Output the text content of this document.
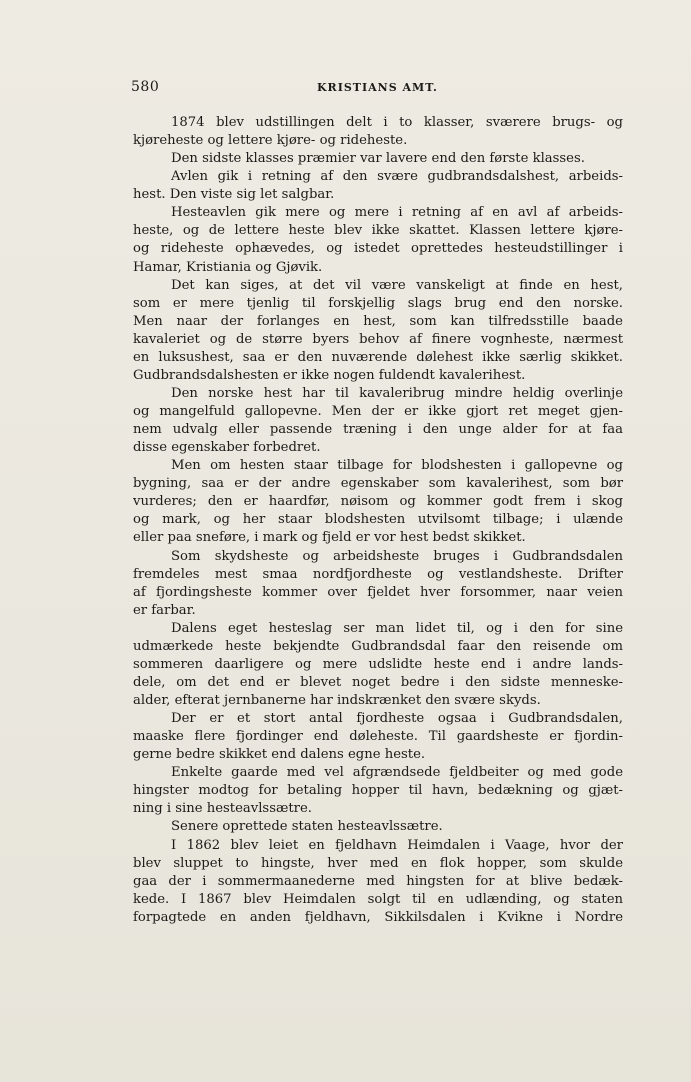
580	KRISTIANS AMT.
1874 blev udstillingen delt i to klasser, sværere brugs- og
kjøreheste og lettere kjøre- og rideheste.
Den sidste klasses præmier var lavere end den første klasses.
Avlen gik i retning af den svære gudbrandsdalshest, arbeids-
hest. Den viste sig let salgbar.
Hesteavlen gik mere og mere i retning af en avl af arbeids-
heste, og de lettere heste blev ikke skattet. Klassen lettere kjøre-
og rideheste ophævedes, og istedet oprettedes hesteudstillinger i
Hamar, Kristiania og Gjøvik.
Det kan siges, at det vil være vanskeligt at finde en hest,
som er mere tjenlig til forskjellig slags brug end den norske.
Men naar der forlanges en hest, som kan tilfredsstille baade
kavaleriet og de større byers behov af finere vognheste, nærmest
en luksushest, saa er den nuværende dølehest ikke særlig skikket.
Gudbrandsdalshesten er ikke nogen fuldendt kavalerihest.
Den norske hest har til kavaleribrug mindre heldig overlinje
og mangelfuld gallopevne. Men der er ikke gjort ret meget gjen-
nem udvalg eller passende træning i den unge alder for at faa
disse egenskaber forbedret.
Men om hesten staar tilbage for blodshesten i gallopevne og
bygning, saa er der andre egenskaber som kavalerihest, som bør
vurderes; den er haardfør, nøisom og kommer godt frem i skog
og mark, og her staar blodshesten utvilsomt tilbage; i ulænde
eller paa sneføre, i mark og fjeld er vor hest bedst skikket.
Som skydsheste og arbeidsheste bruges i Gudbrandsdalen
fremdeles mest smaa nordfjordheste og vestlandsheste. Drifter
af fjordingsheste kommer over fjeldet hver forsommer, naar veien
er farbar.
Dalens eget hesteslag ser man lidet til, og i den for sine
udmærkede heste bekjendte Gudbrandsdal faar den reisende om
sommeren daarligere og mere udslidte heste end i andre lands-
dele, om det end er blevet noget bedre i den sidste menneske-
alder, efterat jernbanerne har indskrænket den svære skyds.
Der er et stort antal fjordheste ogsaa i Gudbrandsdalen,
maaske flere fjordinger end døleheste. Til gaardsheste er fjordin-
gerne bedre skikket end dalens egne heste.
Enkelte gaarde med vel afgrændsede fjeldbeiter og med gode
hingster modtog for betaling hopper til havn, bedækning og gjæt-
ning i sine hesteavlssætre.
Senere oprettede staten hesteavlssætre.
I 1862 blev leiet en fjeldhavn Heimdalen i Vaage, hvor der
blev sluppet to hingste, hver med en flok hopper, som skulde
gaa der i sommermaanederne med hingsten for at blive bedæk-
kede. I 1867 blev Heimdalen solgt til en udlænding, og staten
forpagtede en anden fjeldhavn, Sikkilsdalen i Kvikne i Nordre
